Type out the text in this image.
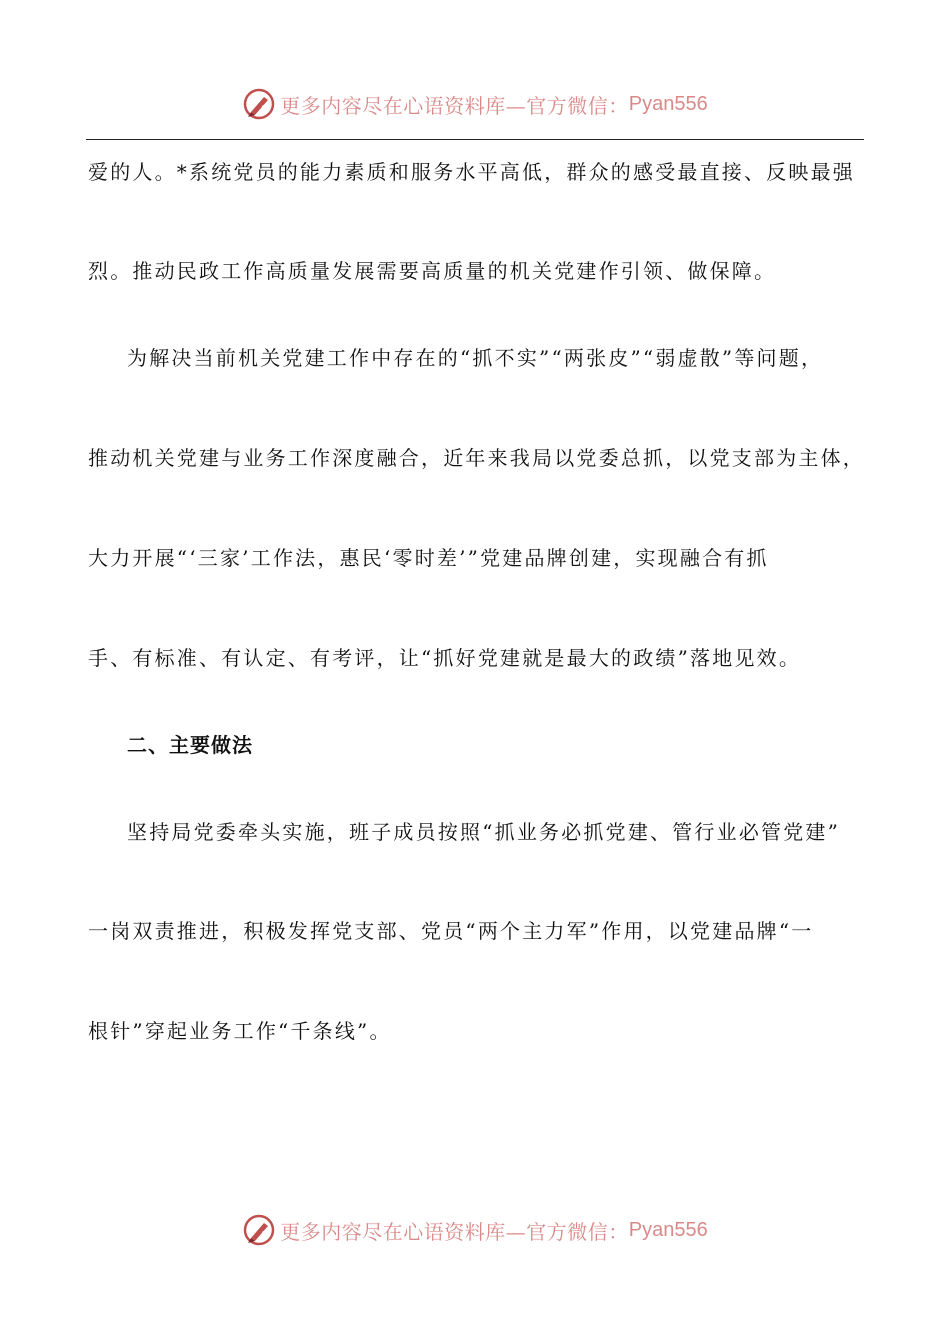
更多内容尽在心语资料库—官方微信： Pyan556
爱的人。*系统党员的能力素质和服务水平高低，群众的感受最直接、反映最强
烈。推动民政工作高质量发展需要高质量的机关党建作引领、做保障。
为解决当前机关党建工作中存在的“抓不实”“两张皮”“弱虚散”等问题，
推动机关党建与业务工作深度融合，近年来我局以党委总抓，以党支部为主体，
大力开展“‘三家’工作法，惠民‘零时差’”党建品牌创建，实现融合有抓
手、有标准、有认定、有考评，让“抓好党建就是最大的政绩”落地见效。
二、主要做法
坚持局党委牵头实施，班子成员按照“抓业务必抓党建、管行业必管党建”
一岗双责推进，积极发挥党支部、党员“两个主力军”作用，以党建品牌“一
根针”穿起业务工作“千条线”。
更多内容尽在心语资料库—官方微信： Pyan556
